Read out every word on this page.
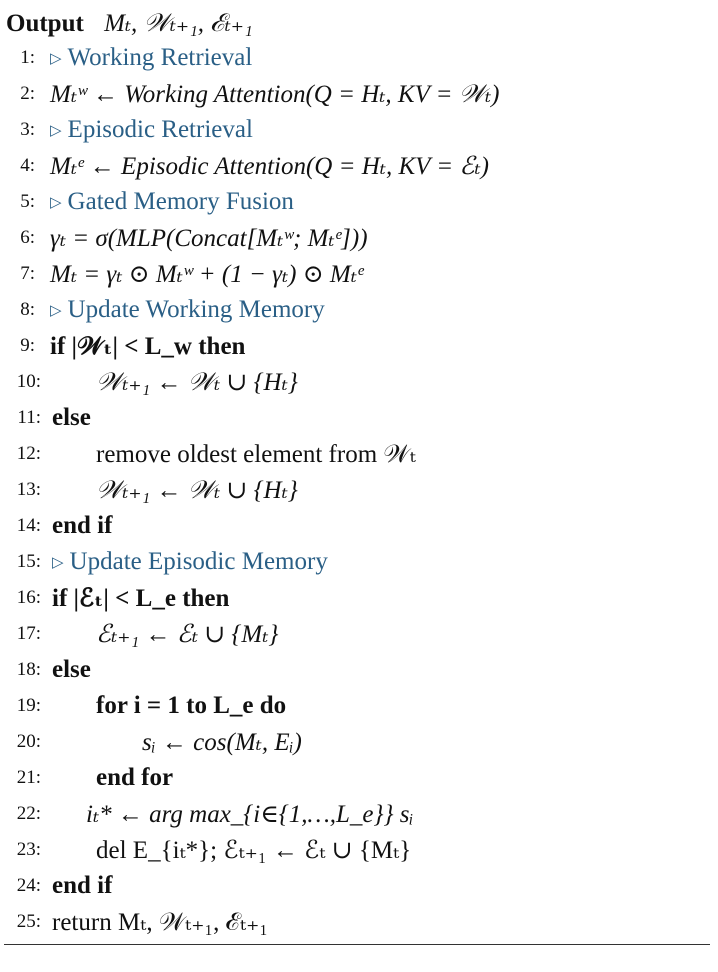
Output Mₜ, 𝒲ₜ₊₁, ℰₜ₊₁
1:	▷ Working Retrieval
2: Mₜʷ ← Working Attention(Q = Hₜ, KV = 𝒲ₜ)
3:	▷ Episodic Retrieval
4: Mₜᵉ ← Episodic Attention(Q = Hₜ, KV = ℰₜ)
5:	▷ Gated Memory Fusion
6: γₜ = σ(MLP(Concat[Mₜʷ; Mₜᵉ]))
7: Mₜ = γₜ ⊙ Mₜʷ + (1 − γₜ) ⊙ Mₜᵉ
8:	▷ Update Working Memory
9: if |𝒲ₜ| < L_w then
10:	𝒲ₜ₊₁ ← 𝒲ₜ ∪ {Hₜ}
11: else
12:	remove oldest element from 𝒲ₜ
13:	𝒲ₜ₊₁ ← 𝒲ₜ ∪ {Hₜ}
14: end if
15: ▷ Update Episodic Memory
16: if |ℰₜ| < L_e then
17:	ℰₜ₊₁ ← ℰₜ ∪ {Mₜ}
18: else
19:	for i = 1 to L_e do
20:	sᵢ ← cos(Mₜ, Eᵢ)
21:	end for
22:	iₜ* ← arg max_{i∈{1,…,L_e}} sᵢ
23:	del E_{iₜ*}; ℰₜ₊₁ ← ℰₜ ∪ {Mₜ}
24: end if
25: return Mₜ, 𝒲ₜ₊₁, ℰₜ₊₁
